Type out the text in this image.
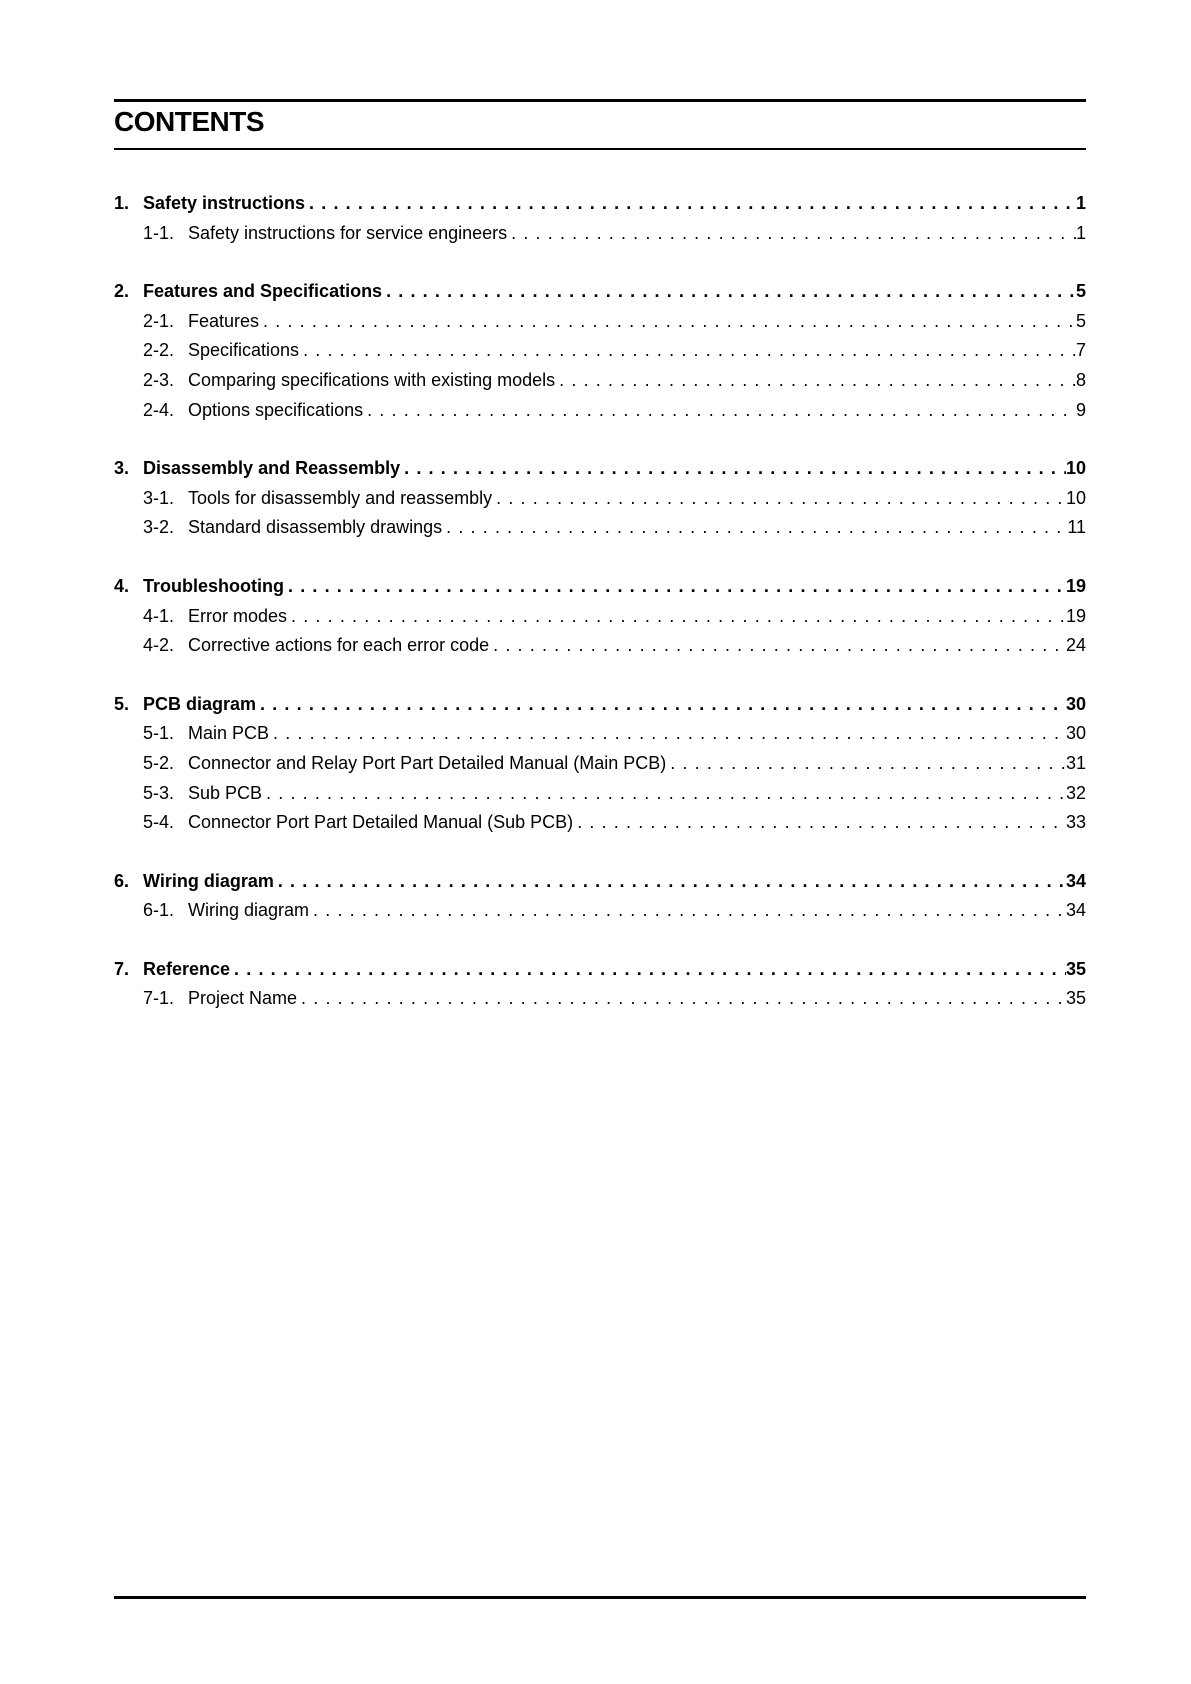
CONTENTS
1. Safety instructions . . .	1
1-1. Safety instructions for service engineers . . .	1
2. Features and Specifications . . .	5
2-1. Features . . .	5
2-2. Specifications . . .	7
2-3. Comparing specifications with existing models . . .	8
2-4. Options specifications . . .	9
3. Disassembly and Reassembly . . .	10
3-1. Tools for disassembly and reassembly . . .	10
3-2. Standard disassembly drawings . . .	11
4. Troubleshooting . . .	19
4-1. Error modes . . .	19
4-2. Corrective actions for each error code . . .	24
5. PCB diagram . . .	30
5-1. Main PCB . . .	30
5-2. Connector and Relay Port Part Detailed Manual (Main PCB) . . .	31
5-3. Sub PCB . . .	32
5-4. Connector Port Part Detailed Manual (Sub PCB) . . .	33
6. Wiring diagram . . .	34
6-1. Wiring diagram . . .	34
7. Reference . . .	35
7-1. Project Name . . .	35
